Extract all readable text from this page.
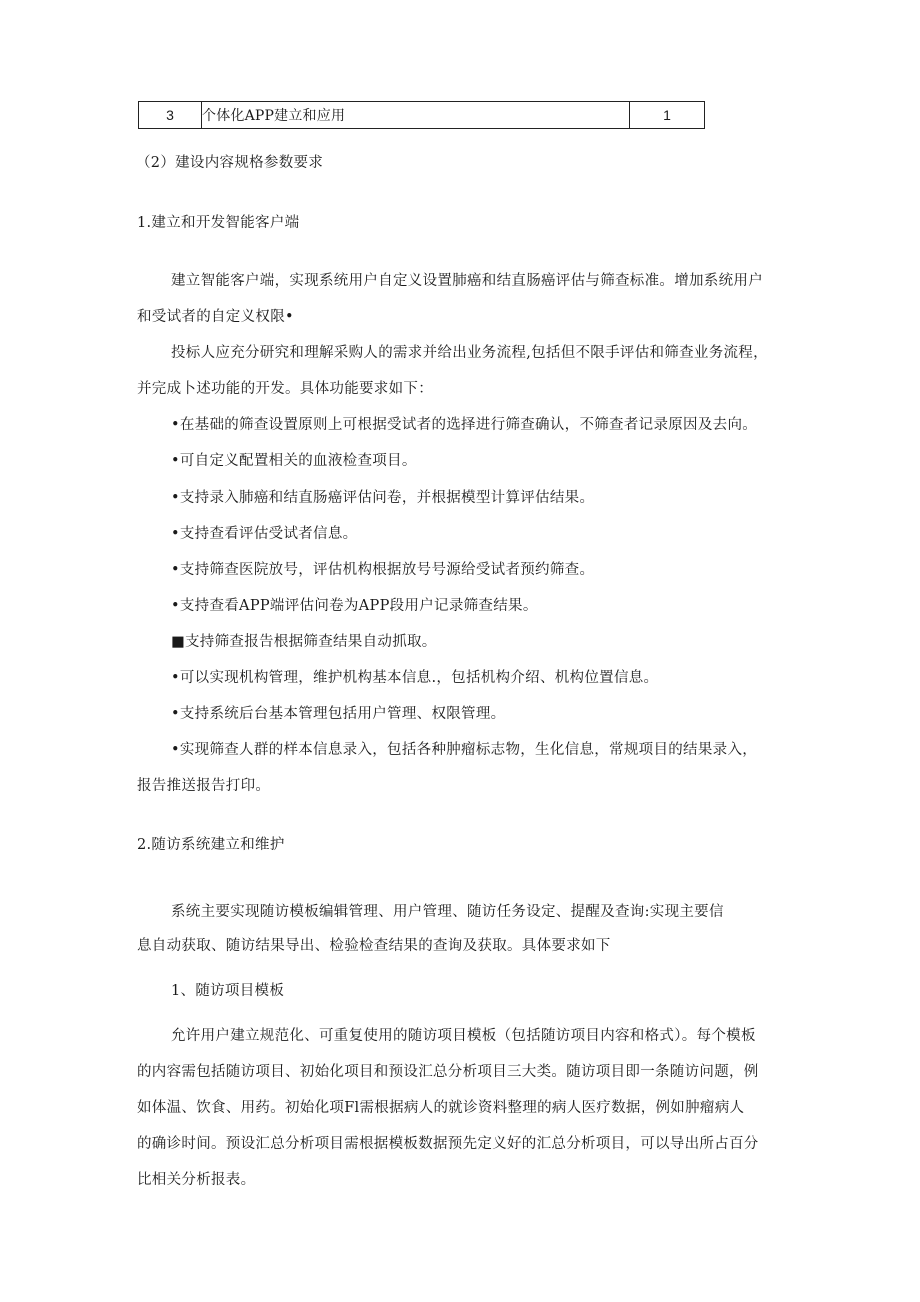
3	个体化APP建立和应用	1
（2）建设内容规格参数要求
1.建立和开发智能客户端
建立智能客户端，实现系统用户自定义设置肺癌和结直肠癌评估与筛查标准。增加系统用户
和受试者的自定义权限•
投标人应充分研究和理解采购人的需求并给出业务流程,包括但不限手评估和筛查业务流程，
并完成卜述功能的开发。具体功能要求如下：
•在基础的筛查设置原则上可根据受试者的选择进行筛查确认，不筛查者记录原因及去向。
•可自定义配置相关的血液检查项目。
•支持录入肺癌和结直肠癌评估问卷，并根据模型计算评估结果。
•支持查看评估受试者信息。
•支持筛查医院放号，评估机构根据放号号源给受试者预约筛查。
•支持查看APP端评估问卷为APP段用户记录筛查结果。
■支持筛查报告根据筛查结果自动抓取。
•可以实现机构管理，维护机构基本信息.，包括机构介绍、机构位置信息。
•支持系统后台基本管理包括用户管理、权限管理。
•实现筛查人群的样本信息录入，包括各种肿瘤标志物，生化信息，常规项目的结果录入，
报告推送报告打印。
2.随访系统建立和维护
系统主要实现随访模板编辑管理、用户管理、随访任务设定、提醒及查询:实现主要信
息自动获取、随访结果导出、检验检查结果的查询及获取。具体要求如下
1、随访项目模板
允许用户建立规范化、可重复使用的随访项目模板（包括随访项目内容和格式）。每个模板
的内容需包括随访项目、初始化项目和预设汇总分析项目三大类。随访项目即一条随访问题，例
如体温、饮食、用药。初始化项Fl需根据病人的就诊资料整理的病人医疗数据，例如肿瘤病人
的确诊时间。预设汇总分析项目需根据模板数据预先定义好的汇总分析项目，可以导出所占百分
比相关分析报表。
